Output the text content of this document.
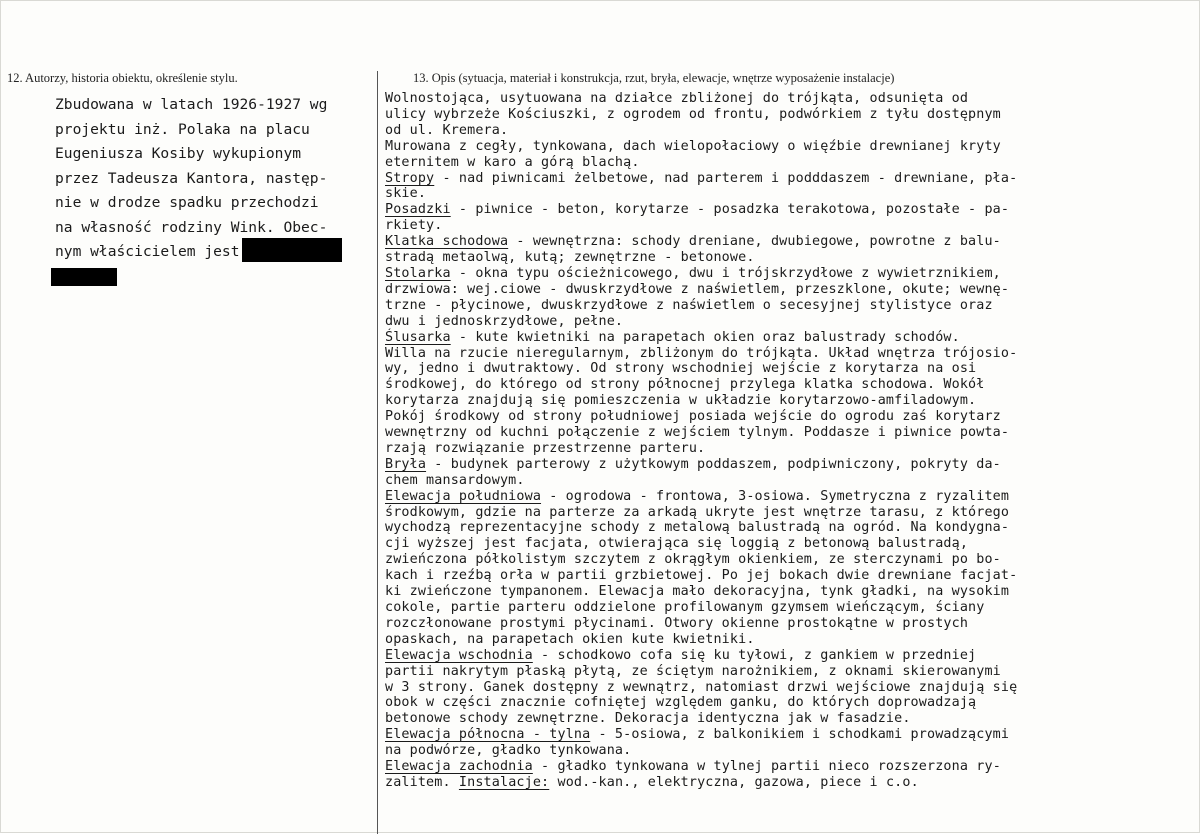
12. Autorzy, historia obiektu, określenie stylu.	13. Opis (sytuacja, materiał i konstrukcja, rzut, bryła, elewacje, wnętrze wyposażenie instalacje)
Zbudowana w latach 1926-1927 wg
projektu inż. Polaka na placu
Eugeniusza Kosiby wykupionym
przez Tadeusza Kantora, następ-
nie w drodze spadku przechodzi
na własność rodziny Wink. Obec-
nym właścicielem jest
Wolnostojąca, usytuowana na działce zbliżonej do trójkąta, odsunięta od
ulicy wybrzeże Kościuszki, z ogrodem od frontu, podwórkiem z tyłu dostępnym
od ul. Kremera.
Murowana z cegły, tynkowana, dach wielopołaciowy o więźbie drewnianej kryty
eternitem w karo a górą blachą.
Stropy - nad piwnicami żelbetowe, nad parterem i podddaszem - drewniane, pła-
skie.
Posadzki - piwnice - beton, korytarze - posadzka terakotowa, pozostałe - pa-
rkiety.
Klatka schodowa - wewnętrzna: schody dreniane, dwubiegowe, powrotne z balu-
stradą metaolwą, kutą; zewnętrzne - betonowe.
Stolarka - okna typu ościeżnicowego, dwu i trójskrzydłowe z wywietrznikiem,
drzwiowa: wej.ciowe - dwuskrzydłowe z naświetlem, przeszklone, okute; wewnę-
trzne - płycinowe, dwuskrzydłowe z naświetlem o secesyjnej stylistyce oraz
dwu i jednoskrzydłowe, pełne.
Ślusarka - kute kwietniki na parapetach okien oraz balustrady schodów.
Willa na rzucie nieregularnym, zbliżonym do trójkąta. Układ wnętrza trójosio-
wy, jedno i dwutraktowy. Od strony wschodniej wejście z korytarza na osi
środkowej, do którego od strony północnej przylega klatka schodowa. Wokół
korytarza znajdują się pomieszczenia w układzie korytarzowo-amfiladowym.
Pokój środkowy od strony południowej posiada wejście do ogrodu zaś korytarz
wewnętrzny od kuchni połączenie z wejściem tylnym. Poddasze i piwnice powta-
rzają rozwiązanie przestrzenne parteru.
Bryła - budynek parterowy z użytkowym poddaszem, podpiwniczony, pokryty da-
chem mansardowym.
Elewacja południowa - ogrodowa - frontowa, 3-osiowa. Symetryczna z ryzalitem
środkowym, gdzie na parterze za arkadą ukryte jest wnętrze tarasu, z którego
wychodzą reprezentacyjne schody z metalową balustradą na ogród. Na kondygna-
cji wyższej jest facjata, otwierająca się loggią z betonową balustradą,
zwieńczona półkolistym szczytem z okrągłym okienkiem, ze sterczynami po bo-
kach i rzeźbą orła w partii grzbietowej. Po jej bokach dwie drewniane facjat-
ki zwieńczone tympanonem. Elewacja mało dekoracyjna, tynk gładki, na wysokim
cokole, partie parteru oddzielone profilowanym gzymsem wieńczącym, ściany
rozczłonowane prostymi płycinami. Otwory okienne prostokątne w prostych
opaskach, na parapetach okien kute kwietniki.
Elewacja wschodnia - schodkowo cofa się ku tyłowi, z gankiem w przedniej
partii nakrytym płaską płytą, ze ściętym narożnikiem, z oknami skierowanymi
w 3 strony. Ganek dostępny z wewnątrz, natomiast drzwi wejściowe znajdują się
obok w części znacznie cofniętej względem ganku, do których doprowadzają
betonowe schody zewnętrzne. Dekoracja identyczna jak w fasadzie.
Elewacja północna - tylna - 5-osiowa, z balkonikiem i schodkami prowadzącymi
na podwórze, gładko tynkowana.
Elewacja zachodnia - gładko tynkowana w tylnej partii nieco rozszerzona ry-
zalitem. Instalacje: wod.-kan., elektryczna, gazowa, piece i c.o.
